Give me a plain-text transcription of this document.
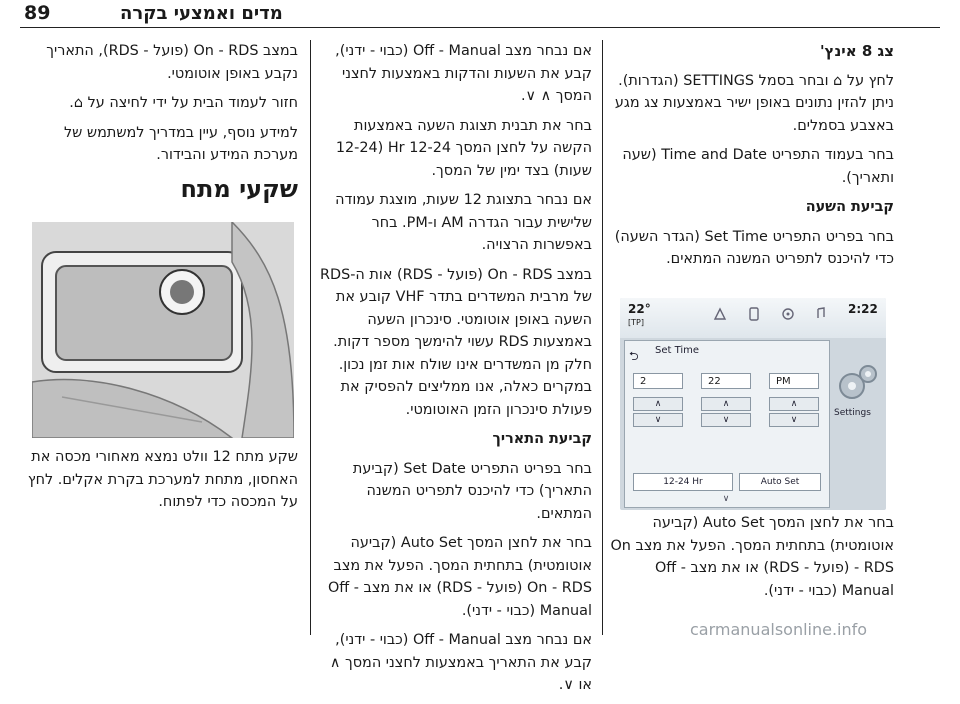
89	מדים ואמצעי בקרה

צג 8 אינץ'

לחץ על ⌂ ובחר בסמל SETTINGS (הגדרות). ניתן להזין נתונים באופן ישיר באמצעות צג מגע באצבע בסמלים.

בחר בעמוד התפריט Time and Date (שעה ותאריך).

קביעת השעה

בחר בפריט התפריט Set Time (הגדר השעה) כדי להיכנס לתפריט המשנה המתאים.

בחר את לחצן המסך Auto Set (קביעה אוטומטית) בתחתית המסך. הפעל את מצב On - RDS (פועל - RDS) או את מצב Off - Manual (כבוי - ידני).

22°
[TP]
2:22
⮌	Set Time
2	22	PM
∧
∨
∧
∨
∧
∨
12-24 Hr	Auto Set
Settings
∨

אם נבחר מצב Off - Manual (כבוי - ידני), קבע את השעות והדקות באמצעות לחצני המסך ∧ ∨.

בחר את תבנית תצוגת השעה באמצעות הקשה על לחצן המסך 12-24 Hr (12-24 שעות) בצד ימין של המסך.

אם נבחר בתצוגת 12 שעות, מוצגת עמודה שלישית עבור הגדרה AM ו-PM. בחר באפשרות הרצויה.

במצב On - RDS (פועל - RDS) אות ה-RDS של מרבית המשדרים בתדר VHF קובע את השעה באופן אוטומטי. סינכרון השעה באמצעות RDS עשוי להימשך מספר דקות. חלק מן המשדרים אינו שולח אות זמן נכון. במקרים כאלה, אנו ממליצים להפסיק את פעולת סינכרון הזמן האוטומטי.

קביעת התאריך

בחר בפריט התפריט Set Date (קביעת התאריך) כדי להיכנס לתפריט המשנה המתאים.

בחר את לחצן המסך Auto Set (קביעה אוטומטית) בתחתית המסך. הפעל את מצב On - RDS (פועל - RDS) או את מצב Off - Manual (כבוי - ידני).

אם נבחר מצב Off - Manual (כבוי - ידני), קבע את התאריך באמצעות לחצני המסך ∧ או ∨.

במצב On - RDS (פועל - RDS), התאריך נקבע באופן אוטומטי.

חזור לעמוד הבית על ידי לחיצה על ⌂.

למידע נוסף, עיין במדריך למשתמש של מערכת המידע והבידור.

שקעי מתח

שקע מתח 12 וולט נמצא מאחורי מכסה את האחסון, מתחת למערכת בקרת אקלים. לחץ על המכסה כדי לפתוח.

carmanualsonline.info
